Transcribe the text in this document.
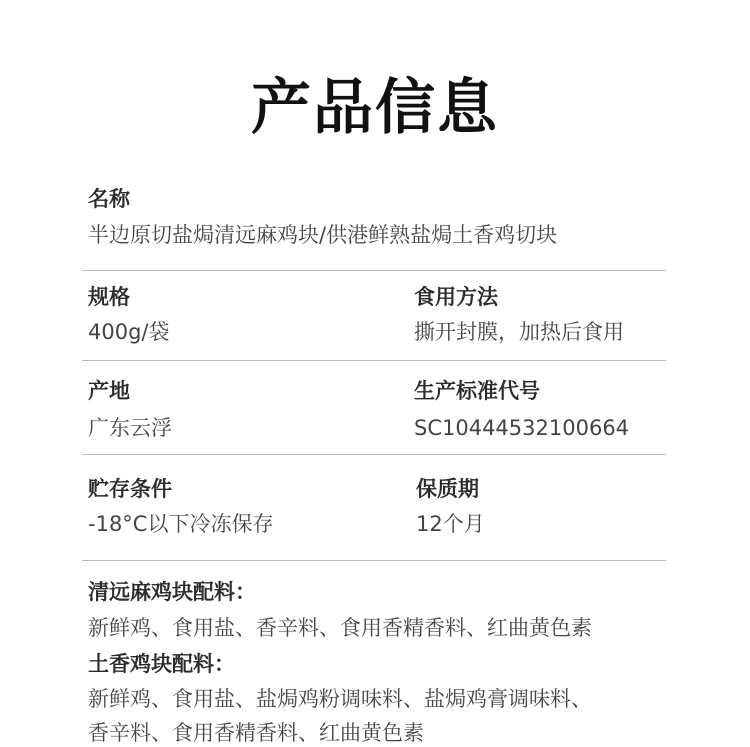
产品信息
名称
半边原切盐焗清远麻鸡块/供港鲜熟盐焗土香鸡切块
规格
400g/袋
食用方法
撕开封膜，加热后食用
产地
广东云浮
生产标准代号
SC10444532100664
贮存条件
-18°C以下冷冻保存
保质期
12个月
清远麻鸡块配料：
新鲜鸡、食用盐、香辛料、食用香精香料、红曲黄色素
土香鸡块配料：
新鲜鸡、食用盐、盐焗鸡粉调味料、盐焗鸡膏调味料、
香辛料、食用香精香料、红曲黄色素
